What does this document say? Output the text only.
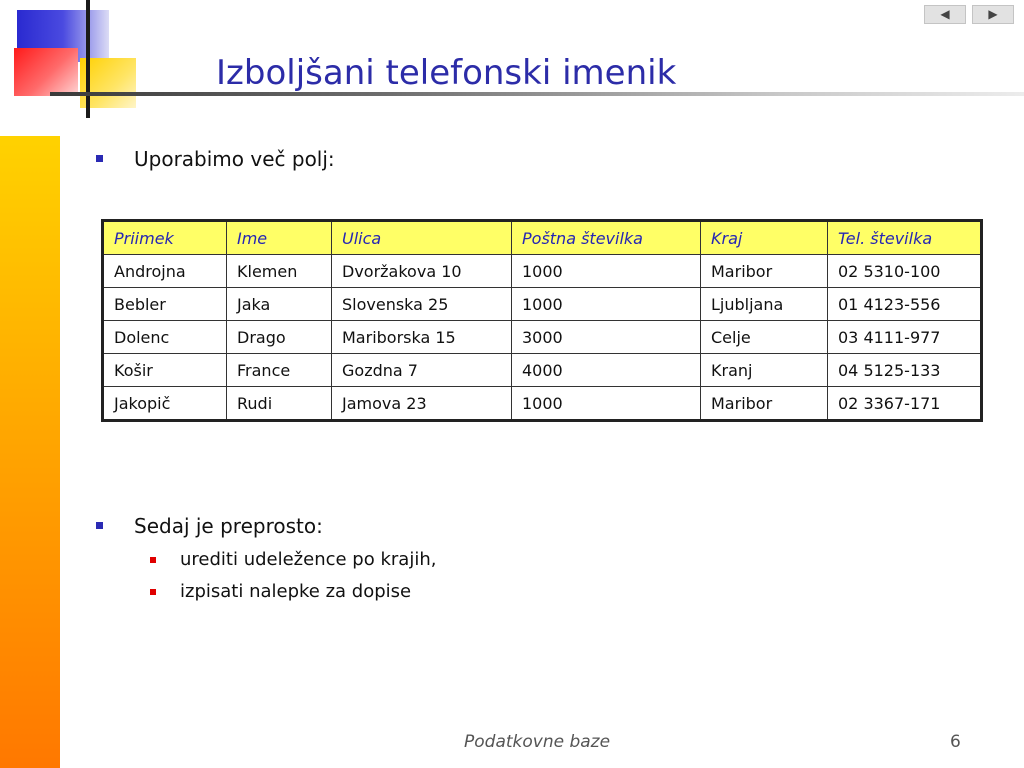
◀	▶
Izboljšani telefonski imenik
Uporabimo več polj:
Priimek	Ime	Ulica	Poštna številka	Kraj	Tel. številka
Androjna	Klemen	Dvoržakova 10	1000	Maribor	02 5310-100
Bebler	Jaka	Slovenska 25	1000	Ljubljana	01 4123-556
Dolenc	Drago	Mariborska 15	3000	Celje	03 4111-977
Košir	France	Gozdna 7	4000	Kranj	04 5125-133
Jakopič	Rudi	Jamova 23	1000	Maribor	02 3367-171
Sedaj je preprosto:
urediti udeležence po krajih,
izpisati nalepke za dopise
Podatkovne baze	6
